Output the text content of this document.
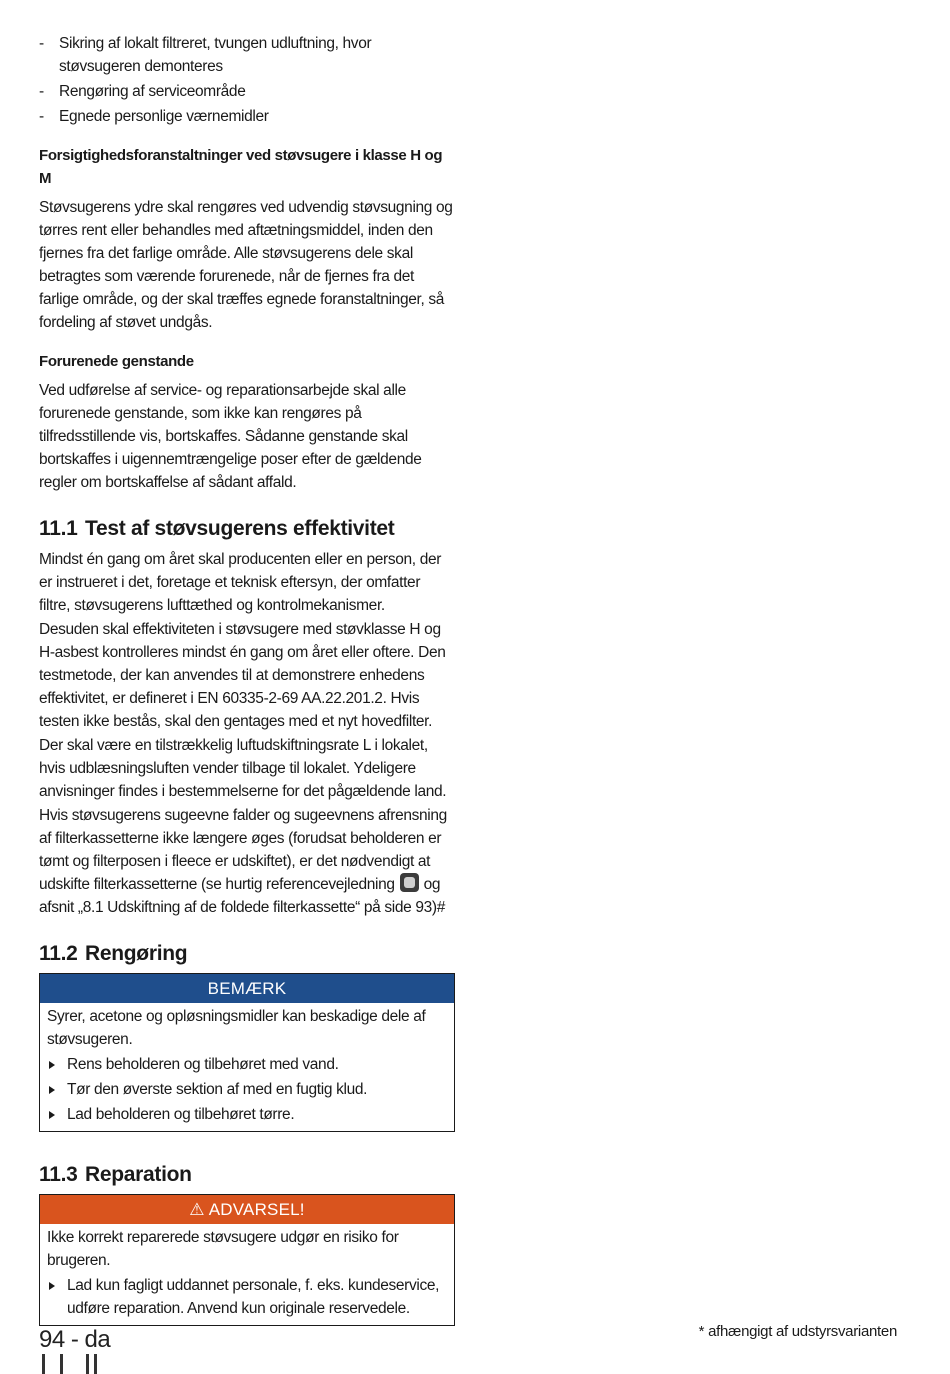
- Sikring af lokalt filtreret, tvungen udluftning, hvor støvsugeren demonteres
- Rengøring af serviceområde
- Egnede personlige værnemidler
Forsigtighedsforanstaltninger ved støvsugere i klasse H og M

Støvsugerens ydre skal rengøres ved udvendig støvsugning og tørres rent eller behandles med aftætningsmiddel, inden den fjernes fra det farlige område. Alle støvsugerens dele skal betragtes som værende forurenede, når de fjernes fra det farlige område, og der skal træffes egnede foranstaltninger, så fordeling af støvet undgås.

Forurenede genstande

Ved udførelse af service- og reparationsarbejde skal alle forurenede genstande, som ikke kan rengøres på tilfredsstillende vis, bortskaffes. Sådanne genstande skal bortskaffes i uigennemtrængelige poser efter de gældende regler om bortskaffelse af sådant affald.

11.1 Test af støvsugerens effektivitet

Mindst én gang om året skal producenten eller en person, der er instrueret i det, foretage et teknisk eftersyn, der omfatter filtre, støvsugerens lufttæthed og kontrolmekanismer.

Desuden skal effektiviteten i støvsugere med støvklasse H og H-asbest kontrolleres mindst én gang om året eller oftere. Den testmetode, der kan anvendes til at demonstrere enhedens effektivitet, er defineret i EN 60335-2-69 AA.22.201.2. Hvis testen ikke bestås, skal den gentages med et nyt hovedfilter.

Der skal være en tilstrækkelig luftudskiftningsrate L i lokalet, hvis udblæsningsluften vender tilbage til lokalet. Ydeligere anvisninger findes i bestemmelserne for det pågældende land.

Hvis støvsugerens sugeevne falder og sugeevnens afrensning af filterkassetterne ikke længere øges (forudsat beholderen er tømt og filterposen i fleece er udskiftet), er det nødvendigt at udskifte filterkassetterne (se hurtig referencevejledning og afsnit „8.1 Udskiftning af de foldede filterkassette“ på side 93)#

11.2 Rengøring
BEMÆRK
Syrer, acetone og opløsningsmidler kan beskadige dele af støvsugeren.
Rens beholderen og tilbehøret med vand.
Tør den øverste sektion af med en fugtig klud.
Lad beholderen og tilbehøret tørre.
11.3 Reparation
⚠ ADVARSEL!
Ikke korrekt reparerede støvsugere udgør en risiko for brugeren.
Lad kun fagligt uddannet personale, f. eks. kundeservice, udføre reparation. Anvend kun originale reservedele.
94 - da	* afhængigt af udstyrsvarianten
